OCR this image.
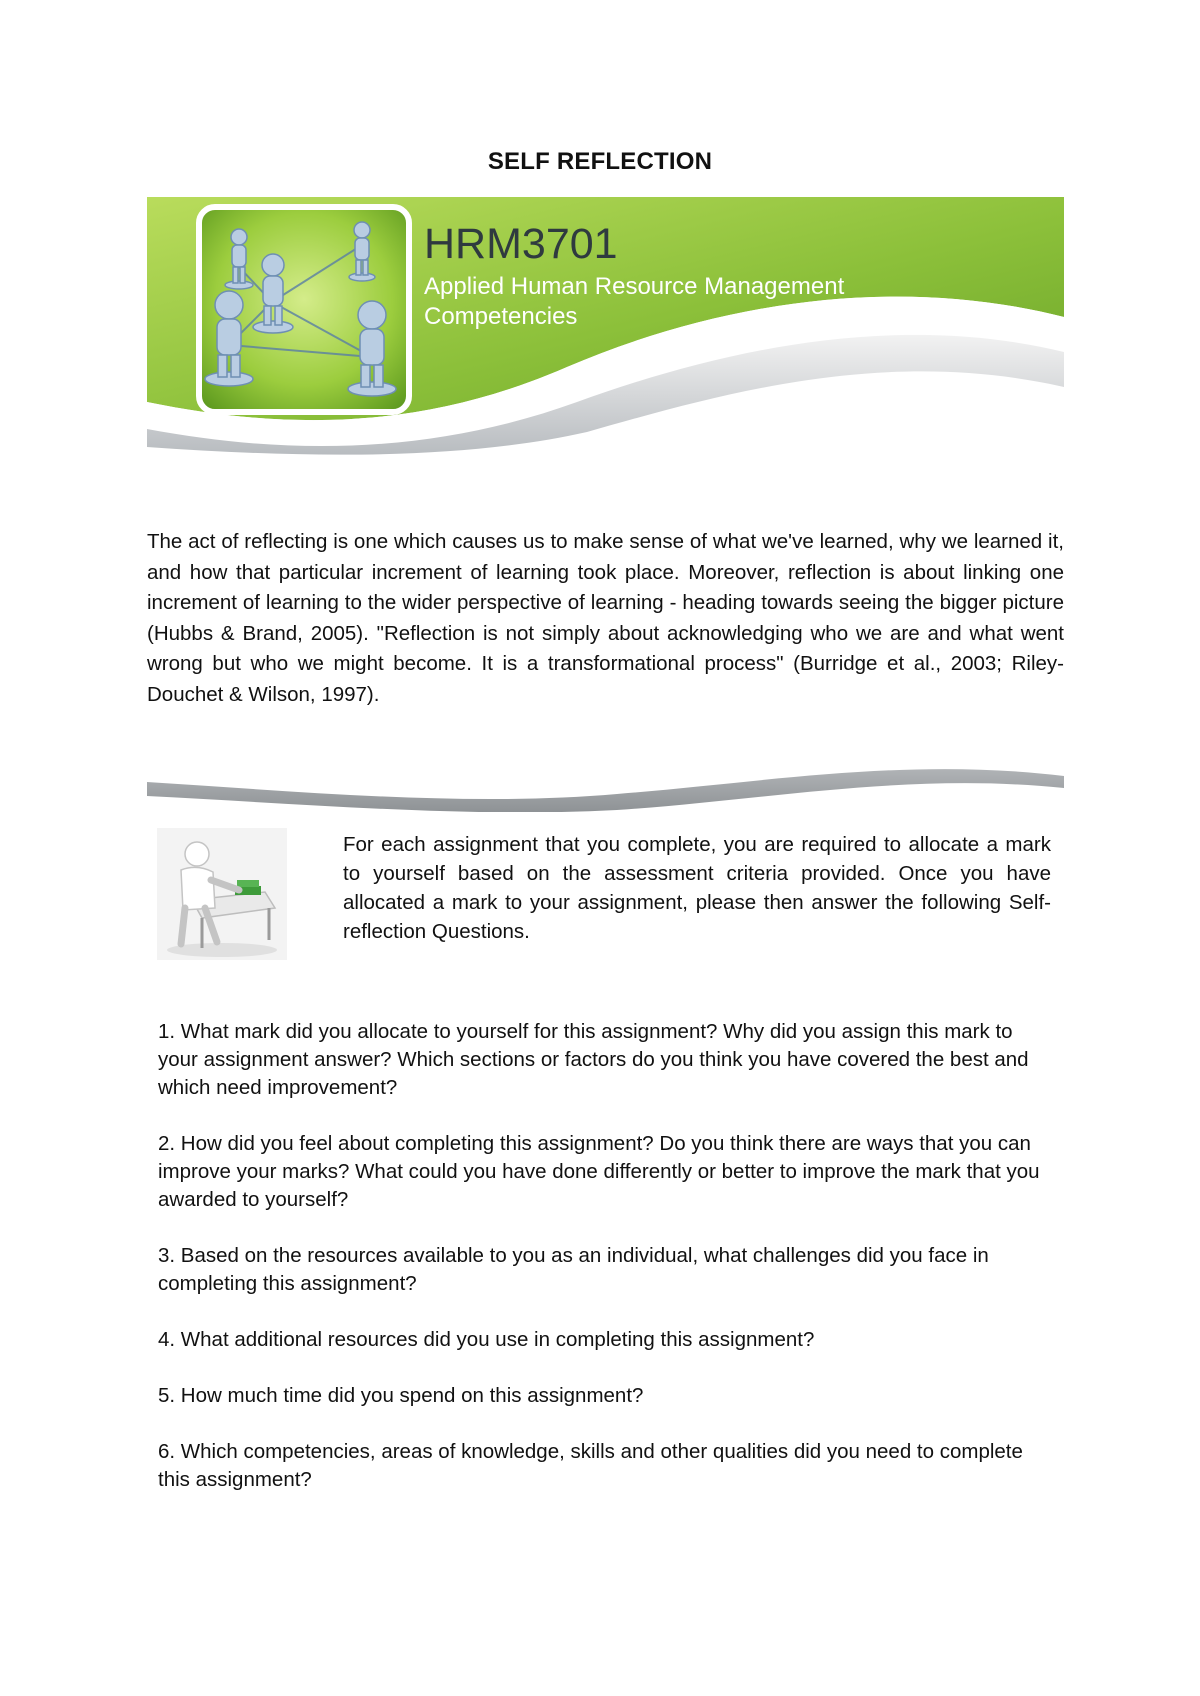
SELF REFLECTION
HRM3701
Applied Human Resource Management
Competencies
The act of reflecting is one which causes us to make sense of what we've learned, why we learned it, and how that particular increment of learning took place. Moreover, reflection is about linking one increment of learning to the wider perspective of learning - heading towards seeing the bigger picture (Hubbs & Brand, 2005). "Reflection is not simply about acknowledging who we are and what went wrong but who we might become. It is a transformational process" (Burridge et al., 2003; Riley-Douchet & Wilson, 1997).
For each assignment that you complete, you are required to allocate a mark to yourself based on the assessment criteria provided. Once you have allocated a mark to your assignment, please then answer the following Self-reflection Questions.

1. What mark did you allocate to yourself for this assignment? Why did you assign this mark to your assignment answer? Which sections or factors do you think you have covered the best and which need improvement?

2. How did you feel about completing this assignment? Do you think there are ways that you can improve your marks? What could you have done differently or better to improve the mark that you awarded to yourself?

3. Based on the resources available to you as an individual, what challenges did you face in completing this assignment?

4. What additional resources did you use in completing this assignment?

5. How much time did you spend on this assignment?

6. Which competencies, areas of knowledge, skills and other qualities did you need to complete this assignment?
